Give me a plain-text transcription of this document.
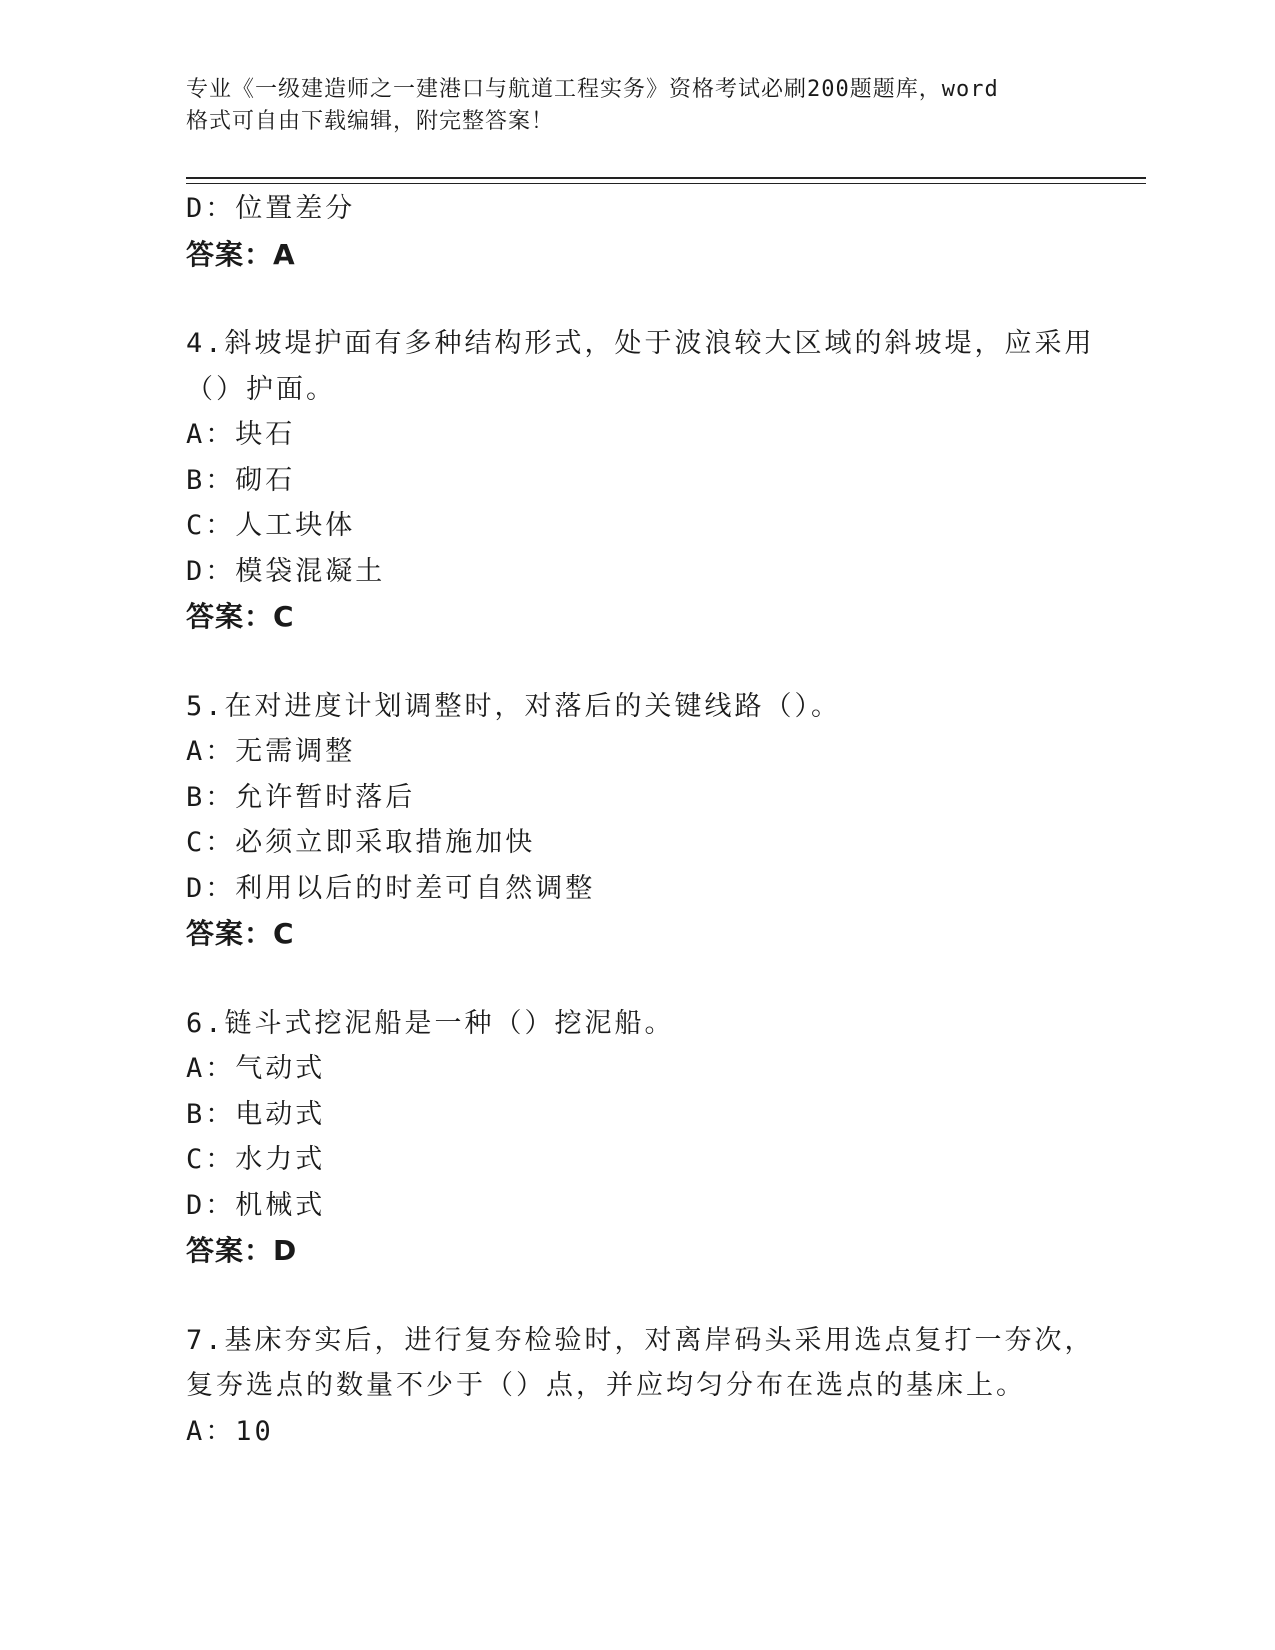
专业《一级建造师之一建港口与航道工程实务》资格考试必刷200题题库，word
格式可自由下载编辑，附完整答案！
D：位置差分
答案：A
4.斜坡堤护面有多种结构形式，处于波浪较大区域的斜坡堤，应采用
（）护面。
A：块石
B：砌石
C：人工块体
D：模袋混凝土
答案：C
5.在对进度计划调整时，对落后的关键线路（）。
A：无需调整
B：允许暂时落后
C：必须立即采取措施加快
D：利用以后的时差可自然调整
答案：C
6.链斗式挖泥船是一种（）挖泥船。
A：气动式
B：电动式
C：水力式
D：机械式
答案：D
7.基床夯实后，进行复夯检验时，对离岸码头采用选点复打一夯次，
复夯选点的数量不少于（）点，并应均匀分布在选点的基床上。
A：10
